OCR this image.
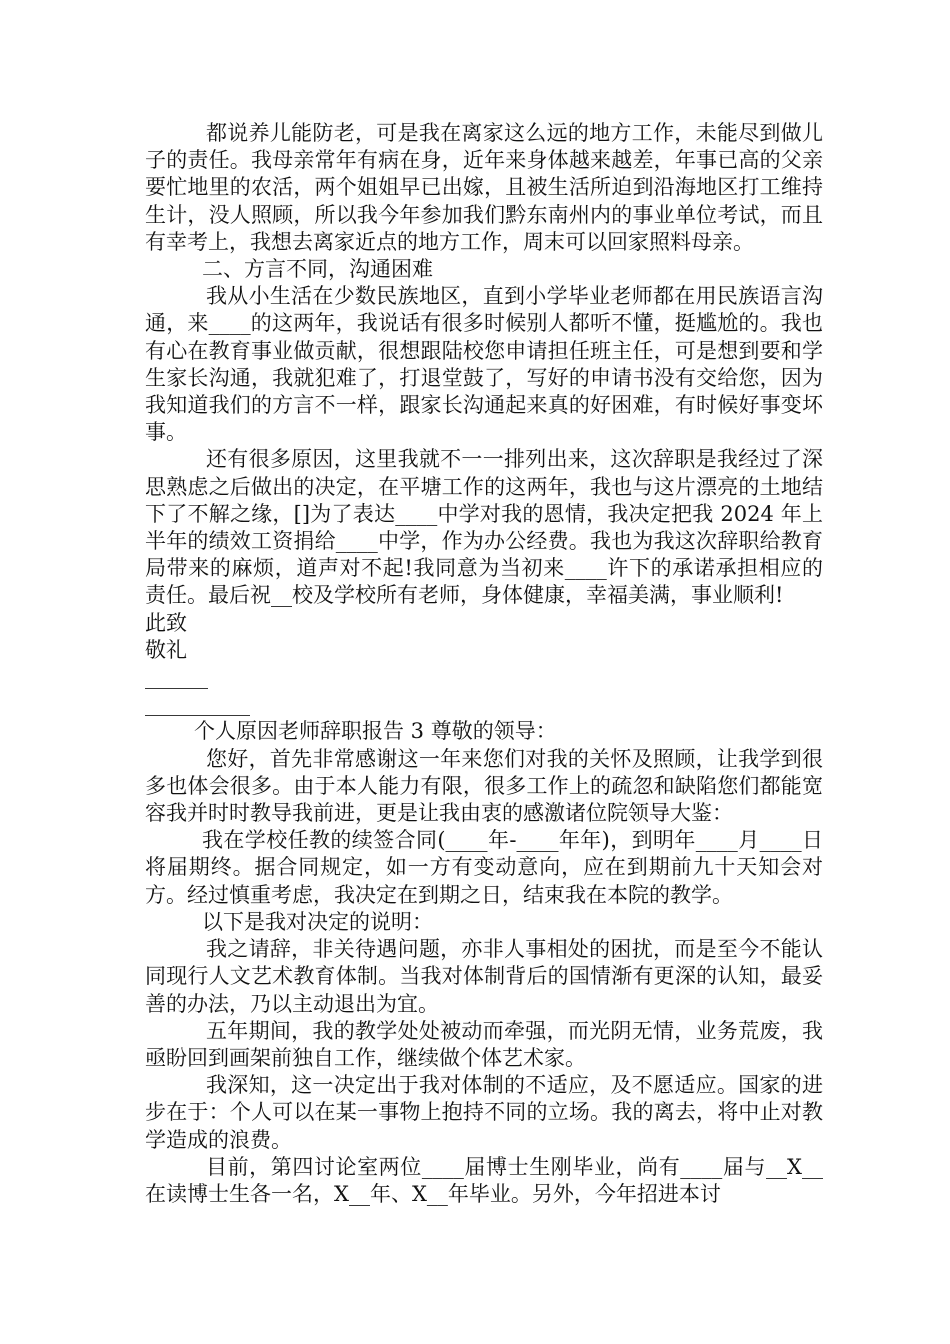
都说养儿能防老，可是我在离家这么远的地方工作，未能尽到做儿子的责任。我母亲常年有病在身，近年来身体越来越差，年事已高的父亲要忙地里的农活，两个姐姐早已出嫁，且被生活所迫到沿海地区打工维持生计，没人照顾，所以我今年参加我们黔东南州内的事业单位考试，而且有幸考上，我想去离家近点的地方工作，周末可以回家照料母亲。

二、方言不同，沟通困难

我从小生活在少数民族地区，直到小学毕业老师都在用民族语言沟通，来____的这两年，我说话有很多时候别人都听不懂，挺尴尬的。我也有心在教育事业做贡献，很想跟陆校您申请担任班主任，可是想到要和学生家长沟通，我就犯难了，打退堂鼓了，写好的申请书没有交给您，因为我知道我们的方言不一样，跟家长沟通起来真的好困难，有时候好事变坏事。

还有很多原因，这里我就不一一排列出来，这次辞职是我经过了深思熟虑之后做出的决定，在平塘工作的这两年，我也与这片漂亮的土地结下了不解之缘，[]为了表达____中学对我的恩情，我决定把我 2024 年上半年的绩效工资捐给____中学，作为办公经费。我也为我这次辞职给教育局带来的麻烦，道声对不起!我同意为当初来____许下的承诺承担相应的责任。最后祝__校及学校所有老师，身体健康，幸福美满，事业顺利!

此致

敬礼

______

__________

个人原因老师辞职报告 3 尊敬的领导：

您好，首先非常感谢这一年来您们对我的关怀及照顾，让我学到很多也体会很多。由于本人能力有限，很多工作上的疏忽和缺陷您们都能宽容我并时时教导我前进，更是让我由衷的感激诸位院领导大鉴：

我在学校任教的续签合同(____年-____年年)，到明年____月____日将届期终。据合同规定，如一方有变动意向，应在到期前九十天知会对方。经过慎重考虑，我决定在到期之日，结束我在本院的教学。

以下是我对决定的说明：

我之请辞，非关待遇问题，亦非人事相处的困扰，而是至今不能认同现行人文艺术教育体制。当我对体制背后的国情渐有更深的认知，最妥善的办法，乃以主动退出为宜。

五年期间，我的教学处处被动而牵强，而光阴无情，业务荒废，我亟盼回到画架前独自工作，继续做个体艺术家。

我深知，这一决定出于我对体制的不适应，及不愿适应。国家的进步在于：个人可以在某一事物上抱持不同的立场。我的离去，将中止对教学造成的浪费。

目前，第四讨论室两位____届博士生刚毕业，尚有____届与__X__在读博士生各一名，X__年、X__年毕业。另外，今年招进本讨
